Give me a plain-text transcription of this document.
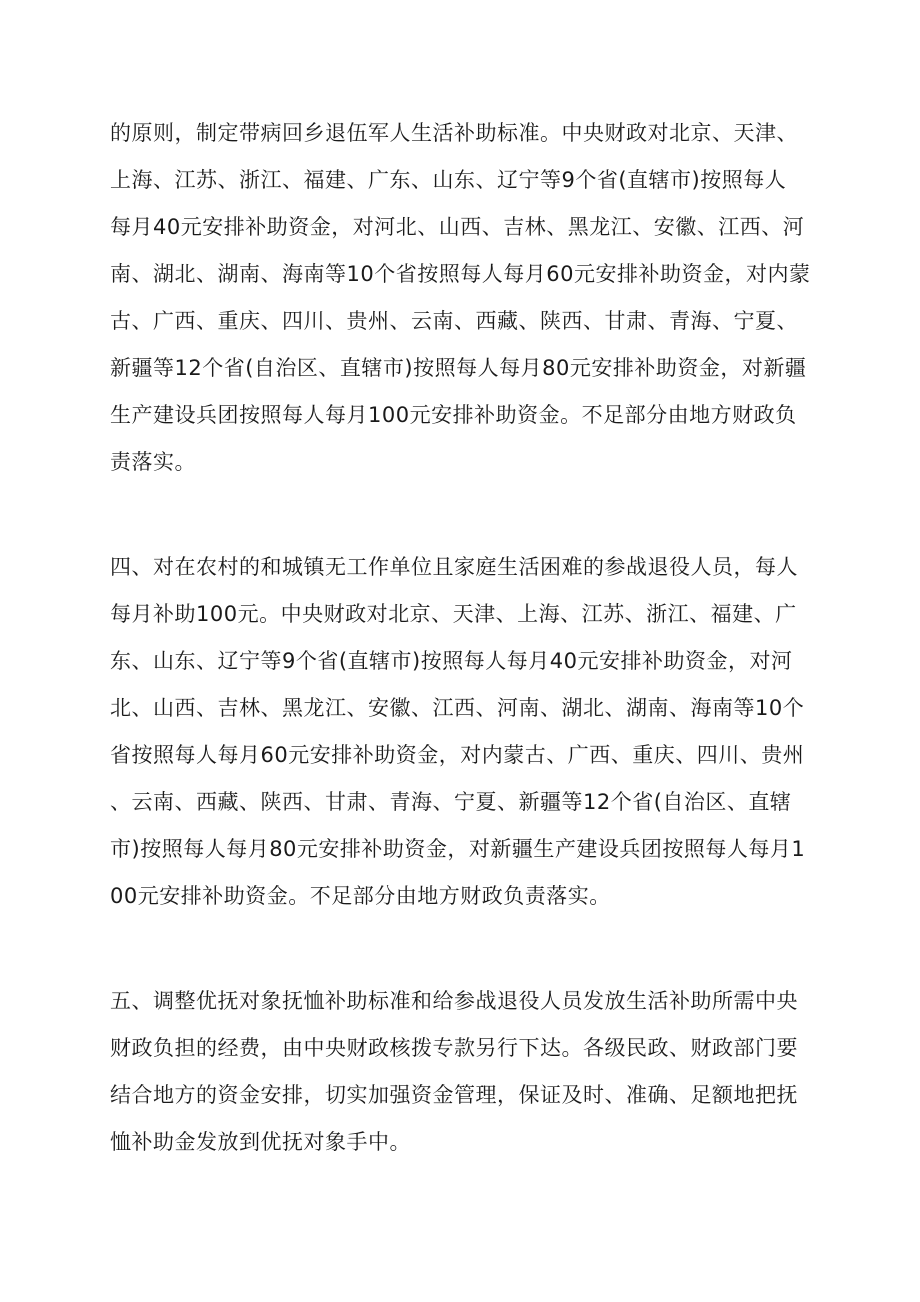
的原则，制定带病回乡退伍军人生活补助标准。中央财政对北京、天津、
上海、江苏、浙江、福建、广东、山东、辽宁等9个省(直辖市)按照每人
每月40元安排补助资金，对河北、山西、吉林、黑龙江、安徽、江西、河
南、湖北、湖南、海南等10个省按照每人每月60元安排补助资金，对内蒙
古、广西、重庆、四川、贵州、云南、西藏、陕西、甘肃、青海、宁夏、
新疆等12个省(自治区、直辖市)按照每人每月80元安排补助资金，对新疆
生产建设兵团按照每人每月100元安排补助资金。不足部分由地方财政负
责落实。
四、对在农村的和城镇无工作单位且家庭生活困难的参战退役人员，每人
每月补助100元。中央财政对北京、天津、上海、江苏、浙江、福建、广
东、山东、辽宁等9个省(直辖市)按照每人每月40元安排补助资金，对河
北、山西、吉林、黑龙江、安徽、江西、河南、湖北、湖南、海南等10个
省按照每人每月60元安排补助资金，对内蒙古、广西、重庆、四川、贵州
、云南、西藏、陕西、甘肃、青海、宁夏、新疆等12个省(自治区、直辖
市)按照每人每月80元安排补助资金，对新疆生产建设兵团按照每人每月1
00元安排补助资金。不足部分由地方财政负责落实。
五、调整优抚对象抚恤补助标准和给参战退役人员发放生活补助所需中央
财政负担的经费，由中央财政核拨专款另行下达。各级民政、财政部门要
结合地方的资金安排，切实加强资金管理，保证及时、准确、足额地把抚
恤补助金发放到优抚对象手中。
